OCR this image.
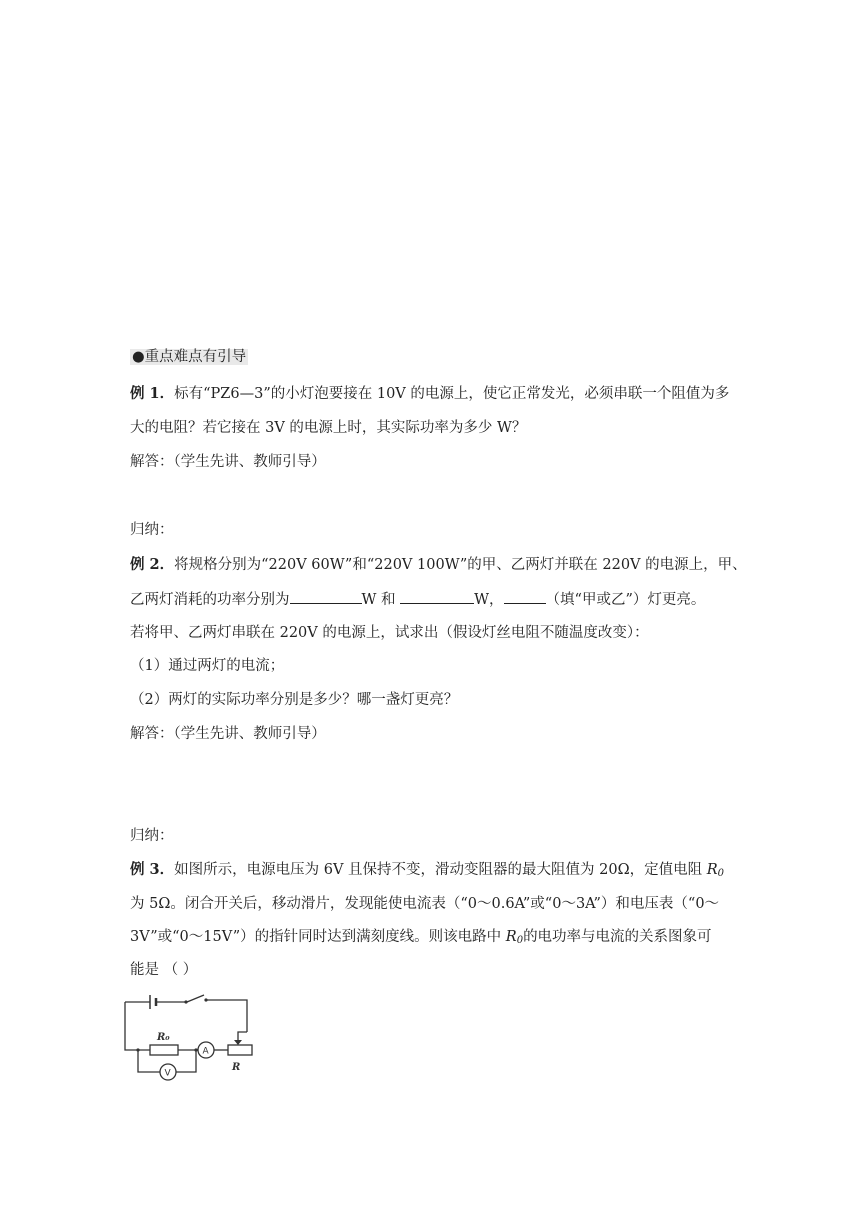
●重点难点有引导
例 1．标有“PZ6—3”的小灯泡要接在 10V 的电源上，使它正常发光，必须串联一个阻值为多
大的电阻？若它接在 3V 的电源上时，其实际功率为多少 W？
解答：（学生先讲、教师引导）
归纳：
例 2．将规格分别为“220V 60W”和“220V 100W”的甲、乙两灯并联在 220V 的电源上，甲、
乙两灯消耗的功率分别为	W 和	W，	（填“甲或乙”）灯更亮。
若将甲、乙两灯串联在 220V 的电源上，试求出（假设灯丝电阻不随温度改变）：
（1）通过两灯的电流；
（2）两灯的实际功率分别是多少？哪一盏灯更亮？
解答：（学生先讲、教师引导）
归纳：
例 3．如图所示，电源电压为 6V 且保持不变，滑动变阻器的最大阻值为 20Ω，定值电阻 $R_0$
为 5Ω。闭合开关后，移动滑片，发现能使电流表（“0～0.6A”或“0～3A”）和电压表（“0～
3V”或“0～15V”）的指针同时达到满刻度线。则该电路中 $R_0$的电功率与电流的关系图象可
能是 （ ）
R₀
A
V
R
